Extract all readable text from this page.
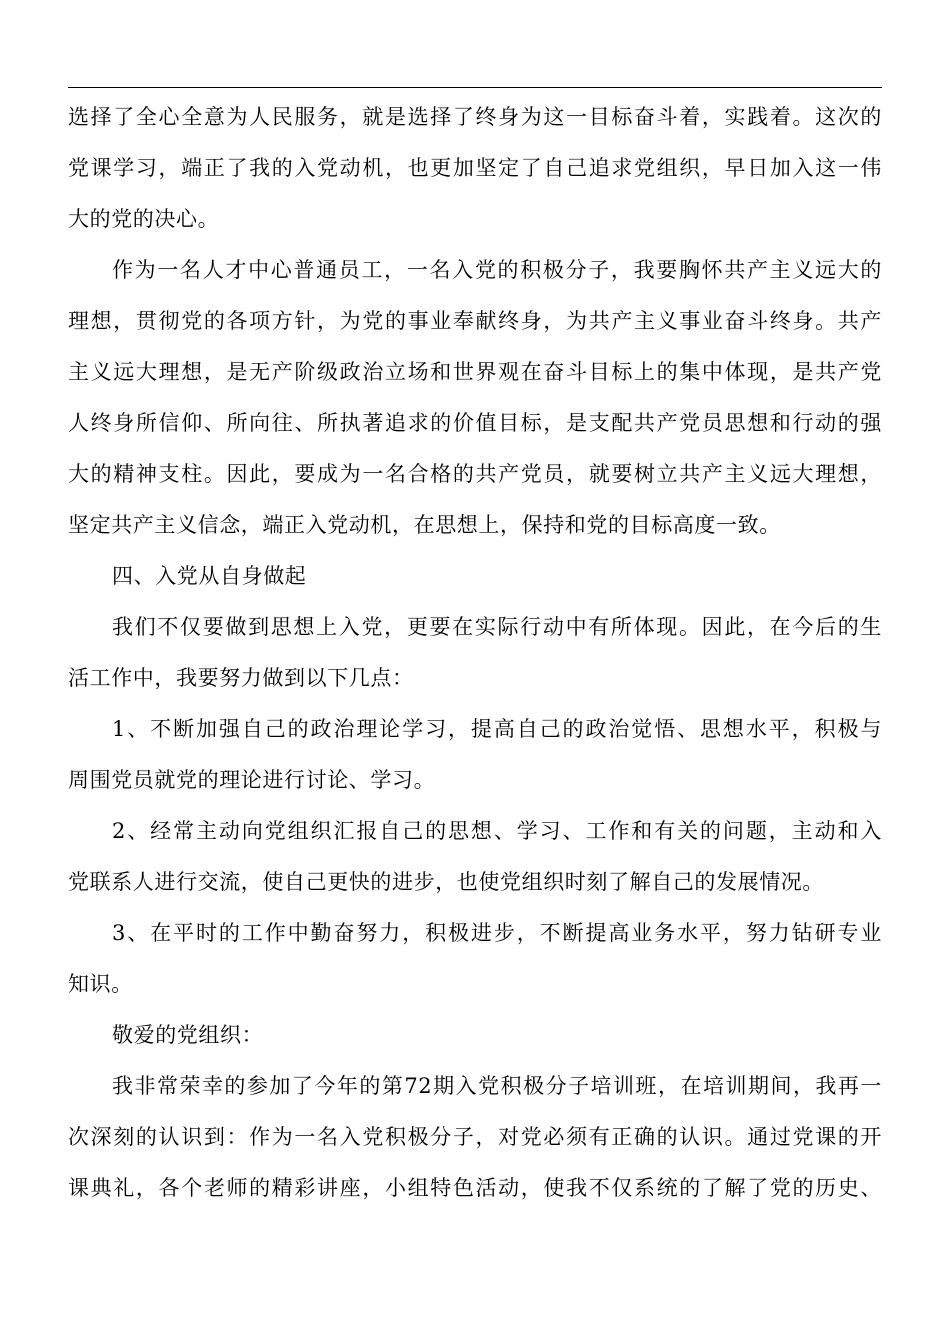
选择了全心全意为人民服务，就是选择了终身为这一目标奋斗着，实践着。这次的
党课学习，端正了我的入党动机，也更加坚定了自己追求党组织，早日加入这一伟
大的党的决心。
作为一名人才中心普通员工，一名入党的积极分子，我要胸怀共产主义远大的
理想，贯彻党的各项方针，为党的事业奉献终身，为共产主义事业奋斗终身。共产
主义远大理想，是无产阶级政治立场和世界观在奋斗目标上的集中体现，是共产党
人终身所信仰、所向往、所执著追求的价值目标，是支配共产党员思想和行动的强
大的精神支柱。因此，要成为一名合格的共产党员，就要树立共产主义远大理想，
坚定共产主义信念，端正入党动机，在思想上，保持和党的目标高度一致。
四、入党从自身做起
我们不仅要做到思想上入党，更要在实际行动中有所体现。因此，在今后的生
活工作中，我要努力做到以下几点：
1、不断加强自己的政治理论学习，提高自己的政治觉悟、思想水平，积极与
周围党员就党的理论进行讨论、学习。
2、经常主动向党组织汇报自己的思想、学习、工作和有关的问题，主动和入
党联系人进行交流，使自己更快的进步，也使党组织时刻了解自己的发展情况。
3、在平时的工作中勤奋努力，积极进步，不断提高业务水平，努力钻研专业
知识。
敬爱的党组织：
我非常荣幸的参加了今年的第72期入党积极分子培训班，在培训期间，我再一
次深刻的认识到：作为一名入党积极分子，对党必须有正确的认识。通过党课的开
课典礼，各个老师的精彩讲座，小组特色活动，使我不仅系统的了解了党的历史、
